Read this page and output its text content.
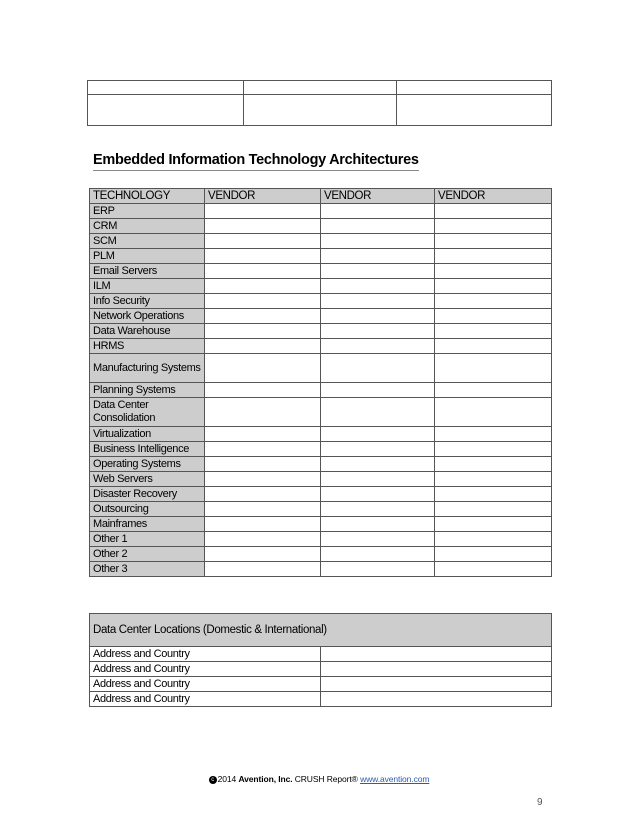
Embedded Information Technology Architectures
TECHNOLOGY	VENDOR	VENDOR	VENDOR
ERP			
CRM			
SCM			
PLM			
Email Servers			
ILM			
Info Security			
Network Operations			
Data Warehouse			
HRMS			
Manufacturing Systems			
Planning Systems			
Data Center Consolidation			
Virtualization			
Business Intelligence			
Operating Systems			
Web Servers			
Disaster Recovery			
Outsourcing			
Mainframes			
Other 1			
Other 2			
Other 3			
Data Center Locations (Domestic & International)	
Address and Country	
Address and Country	
Address and Country	
Address and Country	
c 2014 Avention, Inc. CRUSH Report® www.avention.com
9
